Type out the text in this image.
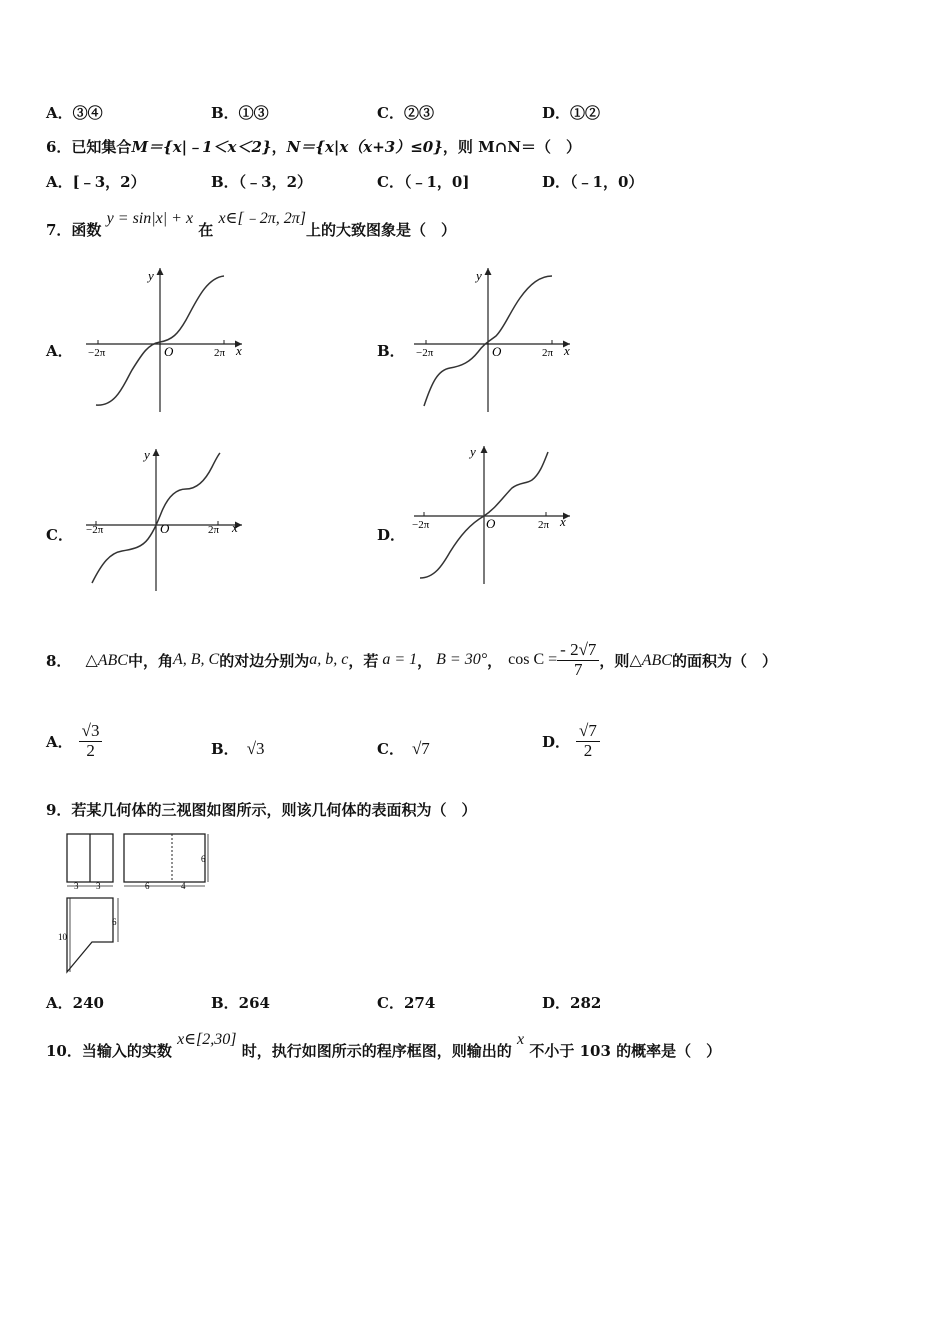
A．③④	B．①③	C．②③	D．①②
6．已知集合M＝{x|﹣1＜x＜2}，N＝{x|x（x+3）≤0}，则 M∩N＝（　）
A．[﹣3，2）	B．（﹣3，2）	C．（﹣1，0]	D．（﹣1，0）
7．函数 y = sin|x| + x 在 x∈[﹣2π, 2π]上的大致图象是（　）
A．	B．
C．	D．
y
x
O
−2π	2π
y
x
O
−2π	2π
y
x
O
−2π	2π
y
x
O
−2π	2π
8． △ABC 中，角 A, B, C 的对边分别为 a, b, c ，若 a = 1 ， B = 30° ， $\cos C = \frac{- 2√7}{7}$ ，则 △ABC 的面积为（　）
A． $\frac{√3}{2}$	B． √3	C． √7	D． $\frac{√7}{2}$
9．若某几何体的三视图如图所示，则该几何体的表面积为（　）
3 3	6	4
6
10
6
A．240	B．264	C．274	D．282
10．当输入的实数 x∈[2,30] 时，执行如图所示的程序框图，则输出的 x 不小于 103 的概率是（　）
